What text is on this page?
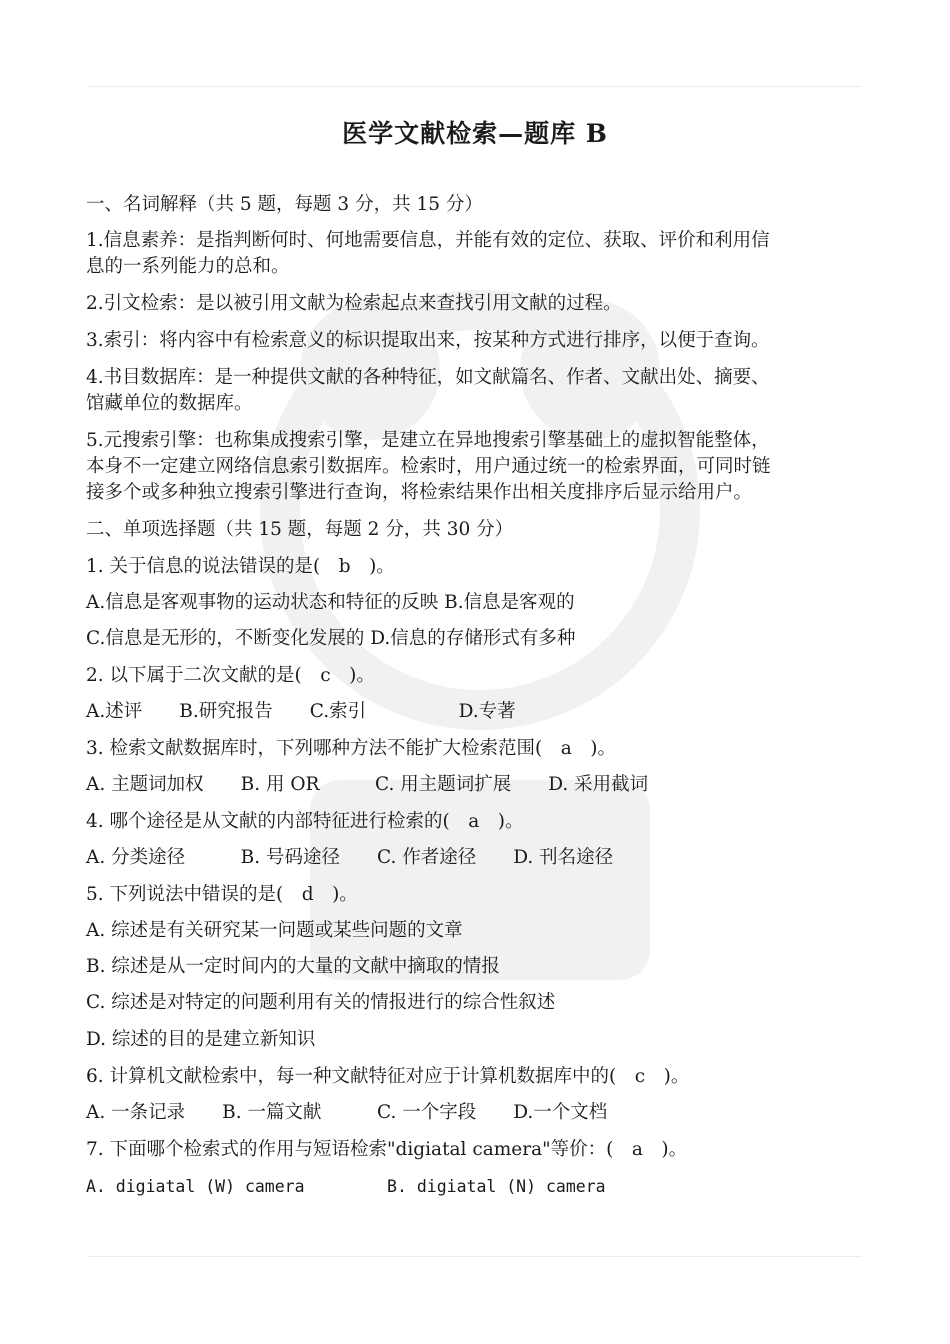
医学文献检索—题库 B
一、名词解释（共 5 题，每题 3 分，共 15 分）
1.信息素养：是指判断何时、何地需要信息，并能有效的定位、获取、评价和利用信
息的一系列能力的总和。
2.引文检索：是以被引用文献为检索起点来查找引用文献的过程。
3.索引：将内容中有检索意义的标识提取出来，按某种方式进行排序，以便于查询。
4.书目数据库：是一种提供文献的各种特征，如文献篇名、作者、文献出处、摘要、
馆藏单位的数据库。
5.元搜索引擎：也称集成搜索引擎，是建立在异地搜索引擎基础上的虚拟智能整体，
本身不一定建立网络信息索引数据库。检索时，用户通过统一的检索界面，可同时链
接多个或多种独立搜索引擎进行查询，将检索结果作出相关度排序后显示给用户。
二、单项选择题（共 15 题，每题 2 分，共 30 分）
1. 关于信息的说法错误的是(　b　)。
A.信息是客观事物的运动状态和特征的反映 B.信息是客观的
C.信息是无形的，不断变化发展的 D.信息的存储形式有多种
2. 以下属于二次文献的是(　c　)。
A.述评　　B.研究报告　　C.索引　　　　　D.专著
3. 检索文献数据库时，下列哪种方法不能扩大检索范围(　a　)。
A. 主题词加权　　B. 用 OR　　　C. 用主题词扩展　　D. 采用截词
4. 哪个途径是从文献的内部特征进行检索的(　a　)。
A. 分类途径　　　B. 号码途径　　C. 作者途径　　D. 刊名途径
5. 下列说法中错误的是(　d　)。
A. 综述是有关研究某一问题或某些问题的文章
B. 综述是从一定时间内的大量的文献中摘取的情报
C. 综述是对特定的问题利用有关的情报进行的综合性叙述
D. 综述的目的是建立新知识
6. 计算机文献检索中，每一种文献特征对应于计算机数据库中的(　c　)。
A. 一条记录　　B. 一篇文献　　　C. 一个字段　　D.一个文档
7. 下面哪个检索式的作用与短语检索"digiatal camera"等价：(　a　)。
A. digiatal (W) camera　　　　　B. digiatal (N) camera
